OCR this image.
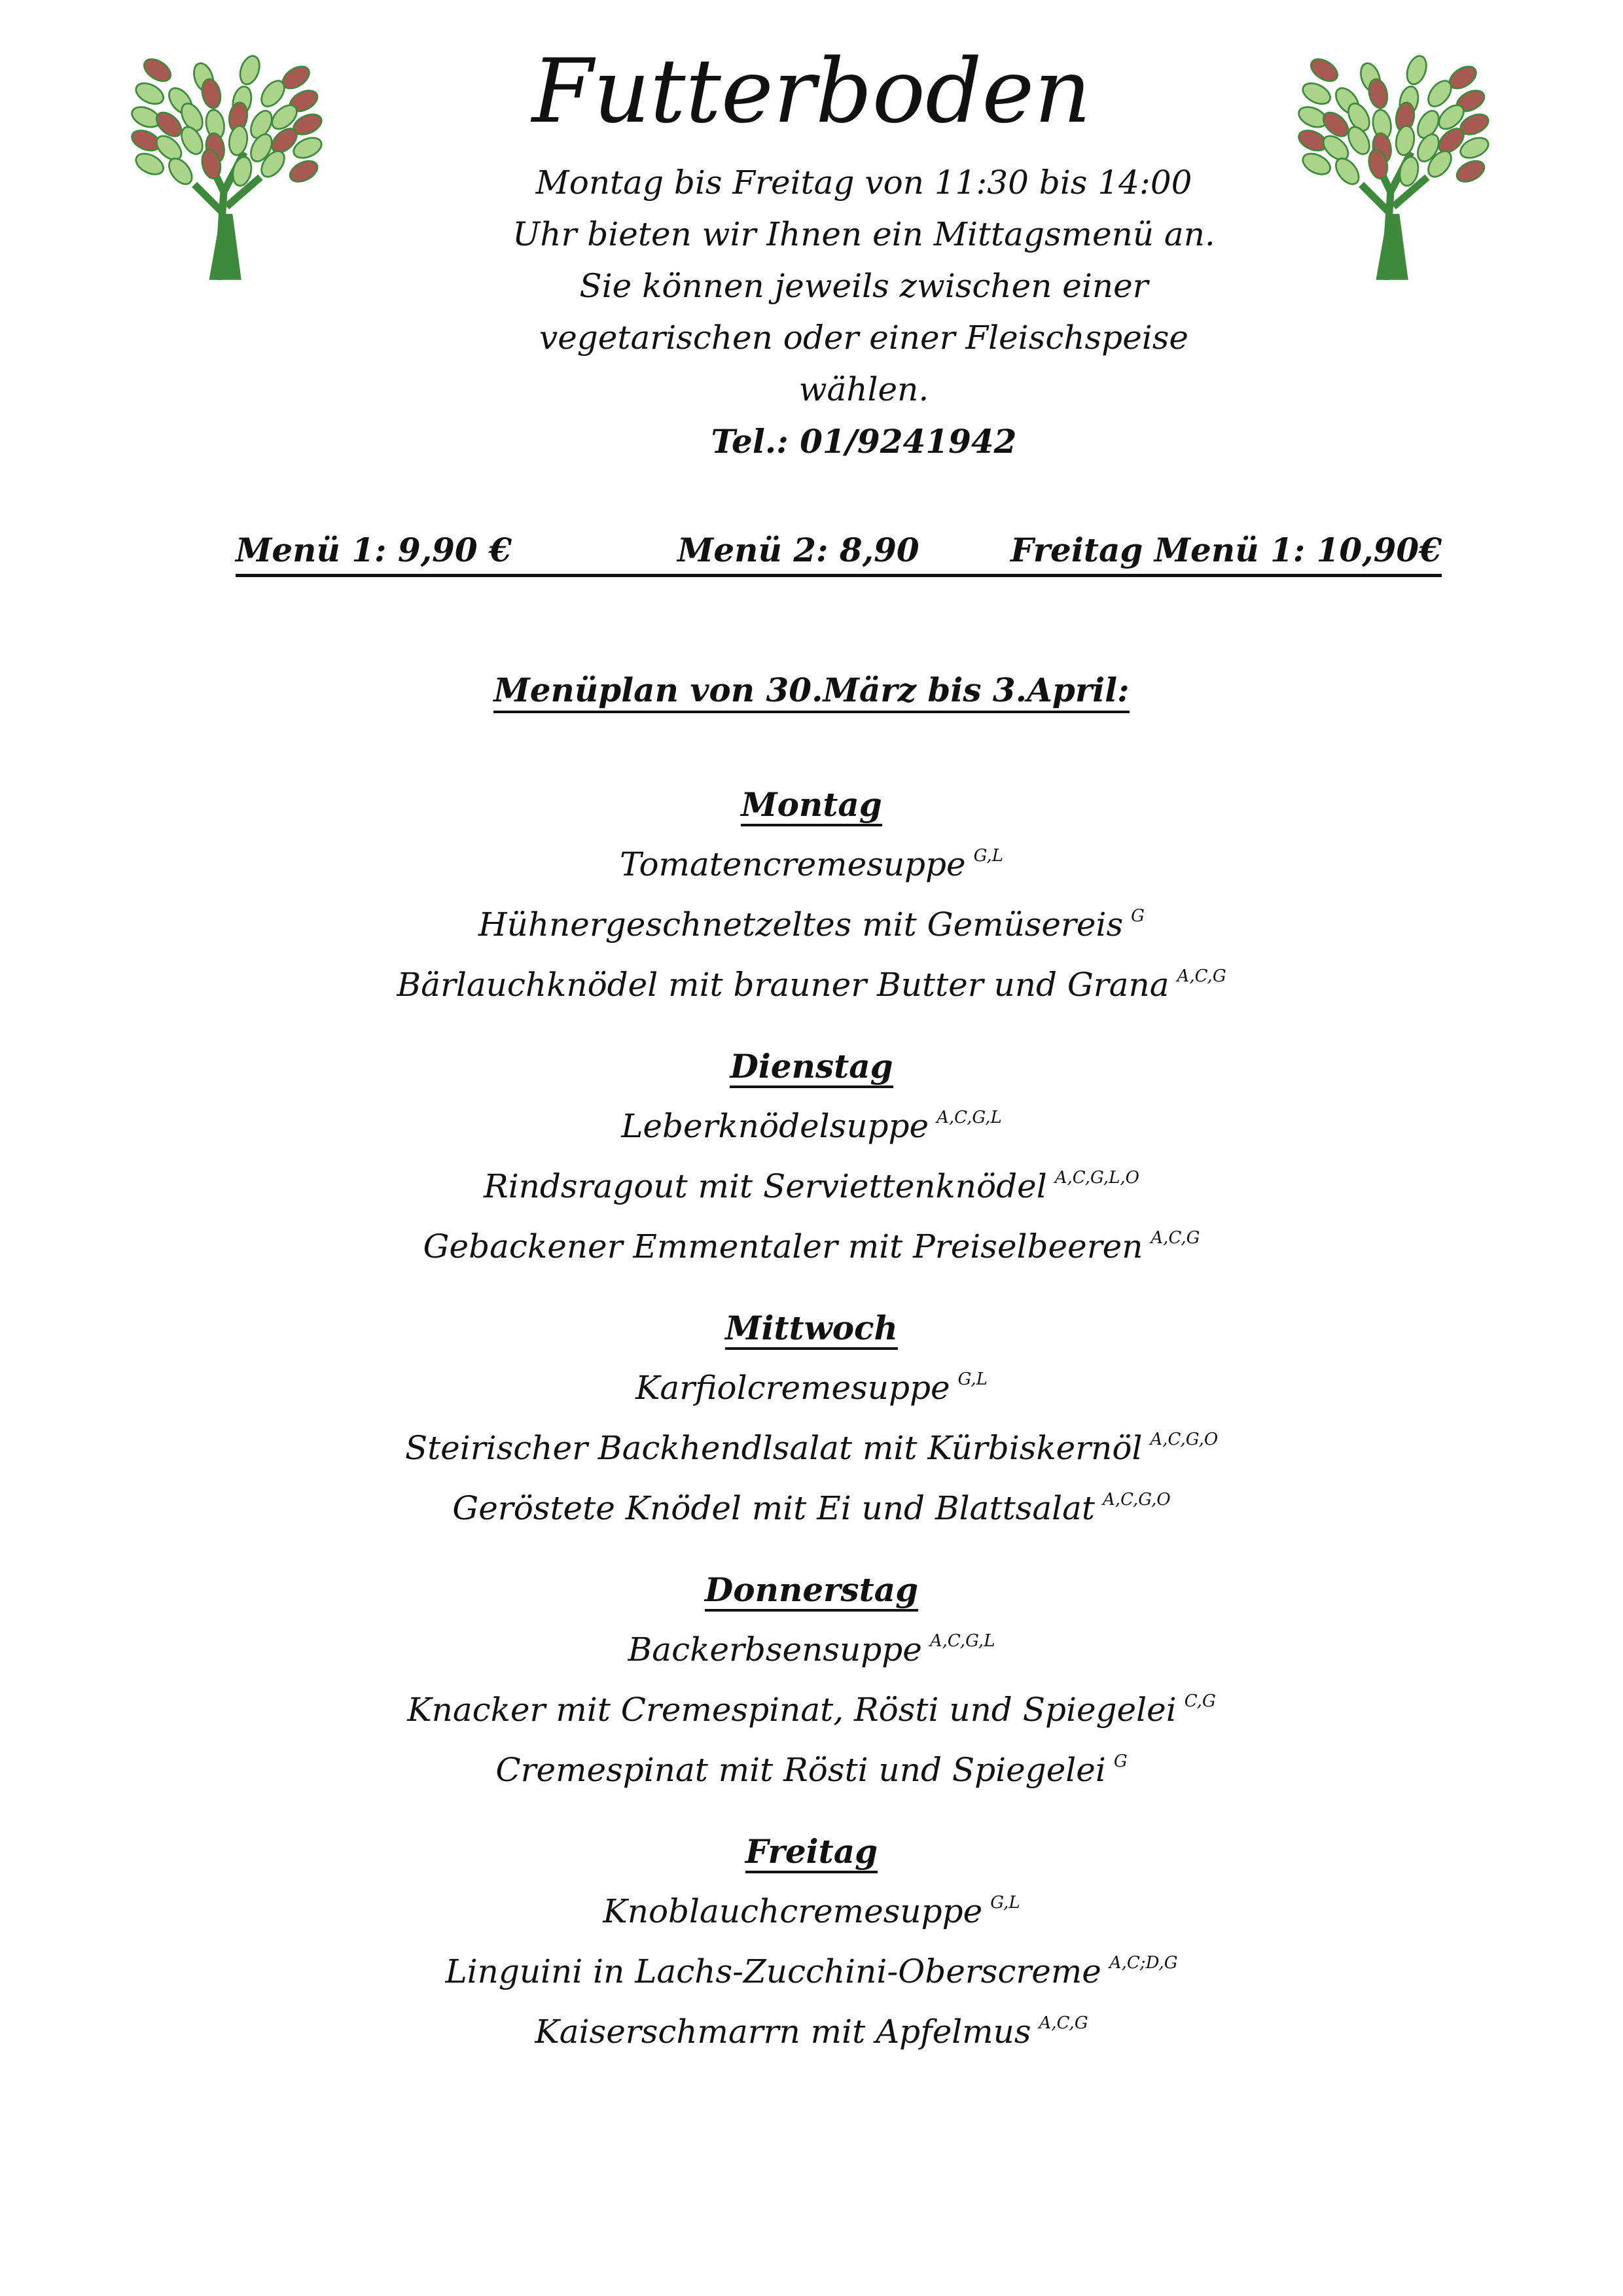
Futterboden
Montag bis Freitag von 11:30 bis 14:00
Uhr bieten wir Ihnen ein Mittagsmenü an.
Sie können jeweils zwischen einer
vegetarischen oder einer Fleischspeise
wählen.
Tel.: 01/9241942
Menü 1: 9,90 €	Menü 2: 8,90	Freitag Menü 1: 10,90€
Menüplan von 30.März bis 3.April:
Montag
Tomatencremesuppe $^{G,L}$
Hühnergeschnetzeltes mit Gemüsereis $^G$
Bärlauchknödel mit brauner Butter und Grana $^{A,C,G}$
Dienstag
Leberknödelsuppe $^{A,C,G,L}$
Rindsragout mit Serviettenknödel $^{A,C,G,L,O}$
Gebackener Emmentaler mit Preiselbeeren $^{A,C,G}$
Mittwoch
Karfiolcremesuppe $^{G,L}$
Steirischer Backhendlsalat mit Kürbiskernöl $^{A,C,G,O}$
Geröstete Knödel mit Ei und Blattsalat $^{A,C,G,O}$
Donnerstag
Backerbsensuppe $^{A,C,G,L}$
Knacker mit Cremespinat, Rösti und Spiegelei $^{C,G}$
Cremespinat mit Rösti und Spiegelei $^G$
Freitag
Knoblauchcremesuppe $^{G,L}$
Linguini in Lachs-Zucchini-Oberscreme $^{A,C;D,G}$
Kaiserschmarrn mit Apfelmus $^{A,C,G}$
